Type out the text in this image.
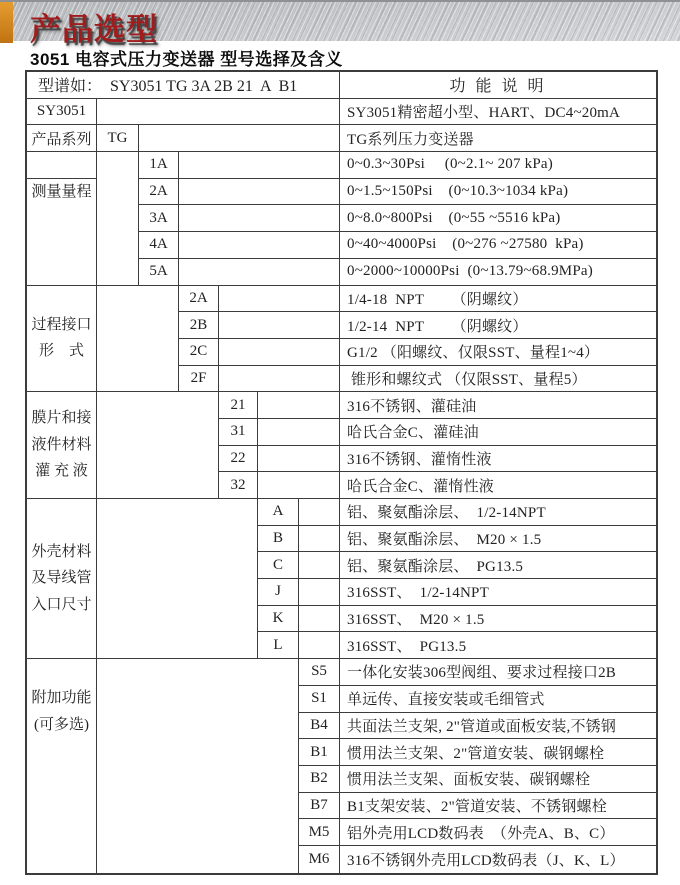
产品选型
3051 电容式压力变送器 型号选择及含义
型谱如：  SY3051 TG 3A 2B 21  A  B1	功 能 说 明
SY3051	SY3051精密超小型、HART、DC4~20mA
产品系列	TG	TG系列压力变送器
测量量程
1A	0~0.3~30Psi     (0~2.1~ 207 kPa)
2A	0~1.5~150Psi    (0~10.3~1034 kPa)
3A	0~8.0~800Psi    (0~55 ~5516 kPa)
4A	0~40~4000Psi    (0~276 ~27580  kPa)
5A	0~2000~10000Psi  (0~13.79~68.9MPa)
过程接口
形　式
2A	1/4-18  NPT       （阴螺纹）
2B	1/2-14  NPT       （阴螺纹）
2C	G1/2 （阳螺纹、仅限SST、量程1~4）
2F	锥形和螺纹式 （仅限SST、量程5）
膜片和接
液件材料
灌 充 液
21	316不锈钢、灌硅油
31	哈氏合金C、灌硅油
22	316不锈钢、灌惰性液
32	哈氏合金C、灌惰性液
外壳材料
及导线管
入口尺寸
A	铝、聚氨酯涂层、  1/2-14NPT
B	铝、聚氨酯涂层、  M20 × 1.5
C	铝、聚氨酯涂层、  PG13.5
J	316SST、  1/2-14NPT
K	316SST、  M20 × 1.5
L	316SST、  PG13.5
附加功能
(可多选)
S5	一体化安装306型阀组、要求过程接口2B
S1	单远传、直接安装或毛细管式
B4	共面法兰支架, 2"管道或面板安装,不锈钢
B1	惯用法兰支架、2"管道安装、碳钢螺栓
B2	惯用法兰支架、面板安装、碳钢螺栓
B7	B1支架安装、2"管道安装、不锈钢螺栓
M5	铝外壳用LCD数码表  （外壳A、B、C）
M6	316不锈钢外壳用LCD数码表（J、K、L）
